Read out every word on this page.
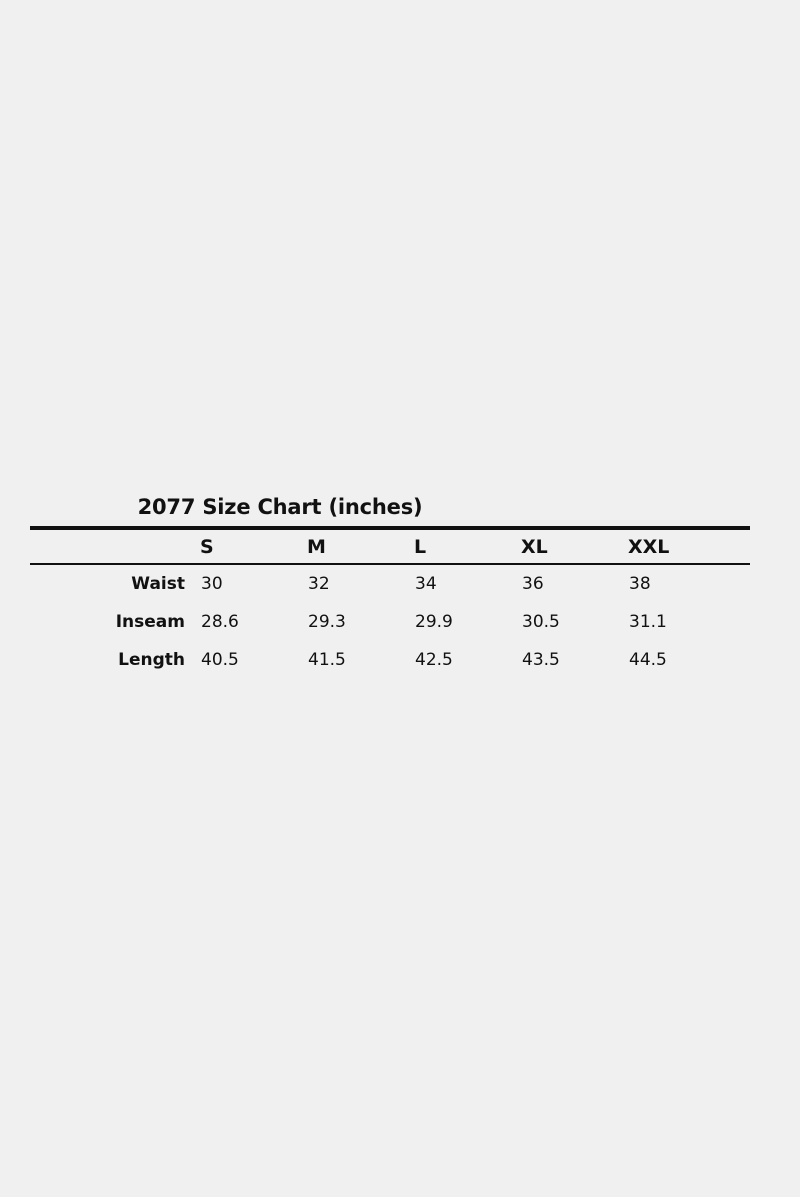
2077 Size Chart (inches)
	S	M	L	XL	XXL	
Waist	30	32	34	36	38	
Inseam	28.6	29.3	29.9	30.5	31.1	
Length	40.5	41.5	42.5	43.5	44.5	
